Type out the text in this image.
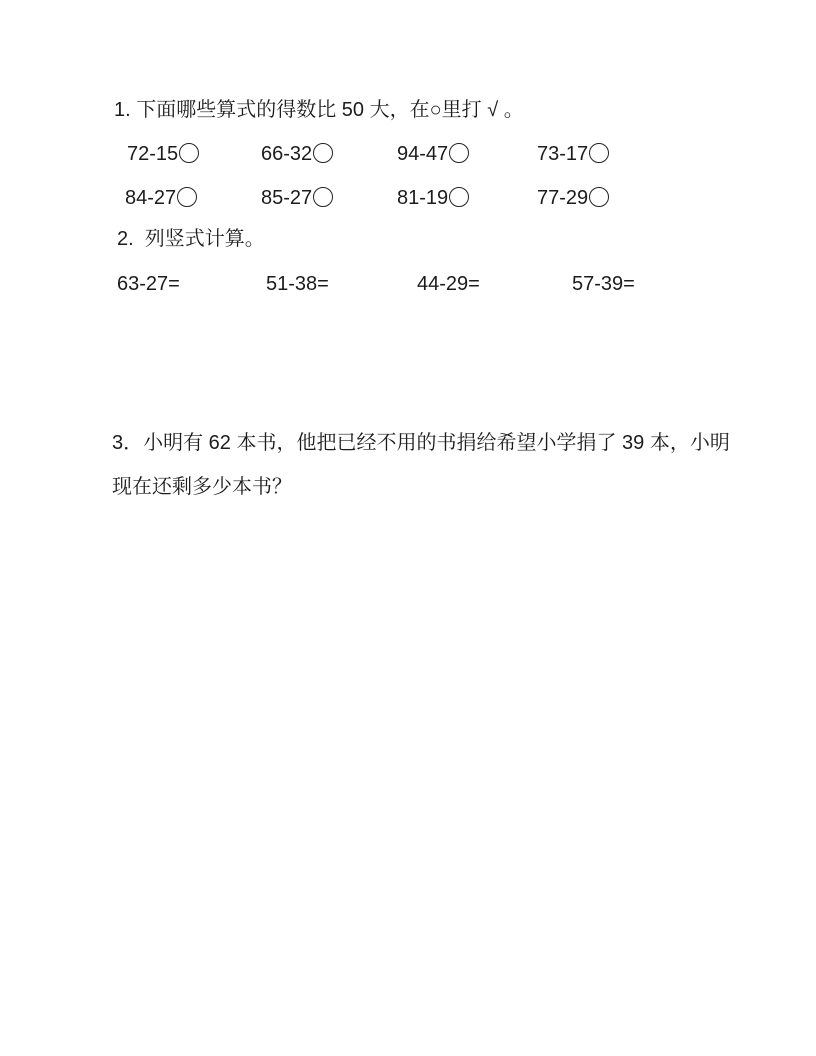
1. 下面哪些算式的得数比 50 大，在○里打 √ 。
72-15	66-32	94-47	73-17
84-27	85-27	81-19	77-29
2.  列竖式计算。
63-27=	51-38=	44-29=	57-39=
3．小明有 62 本书，他把已经不用的书捐给希望小学捐了 39 本，小明
现在还剩多少本书？
